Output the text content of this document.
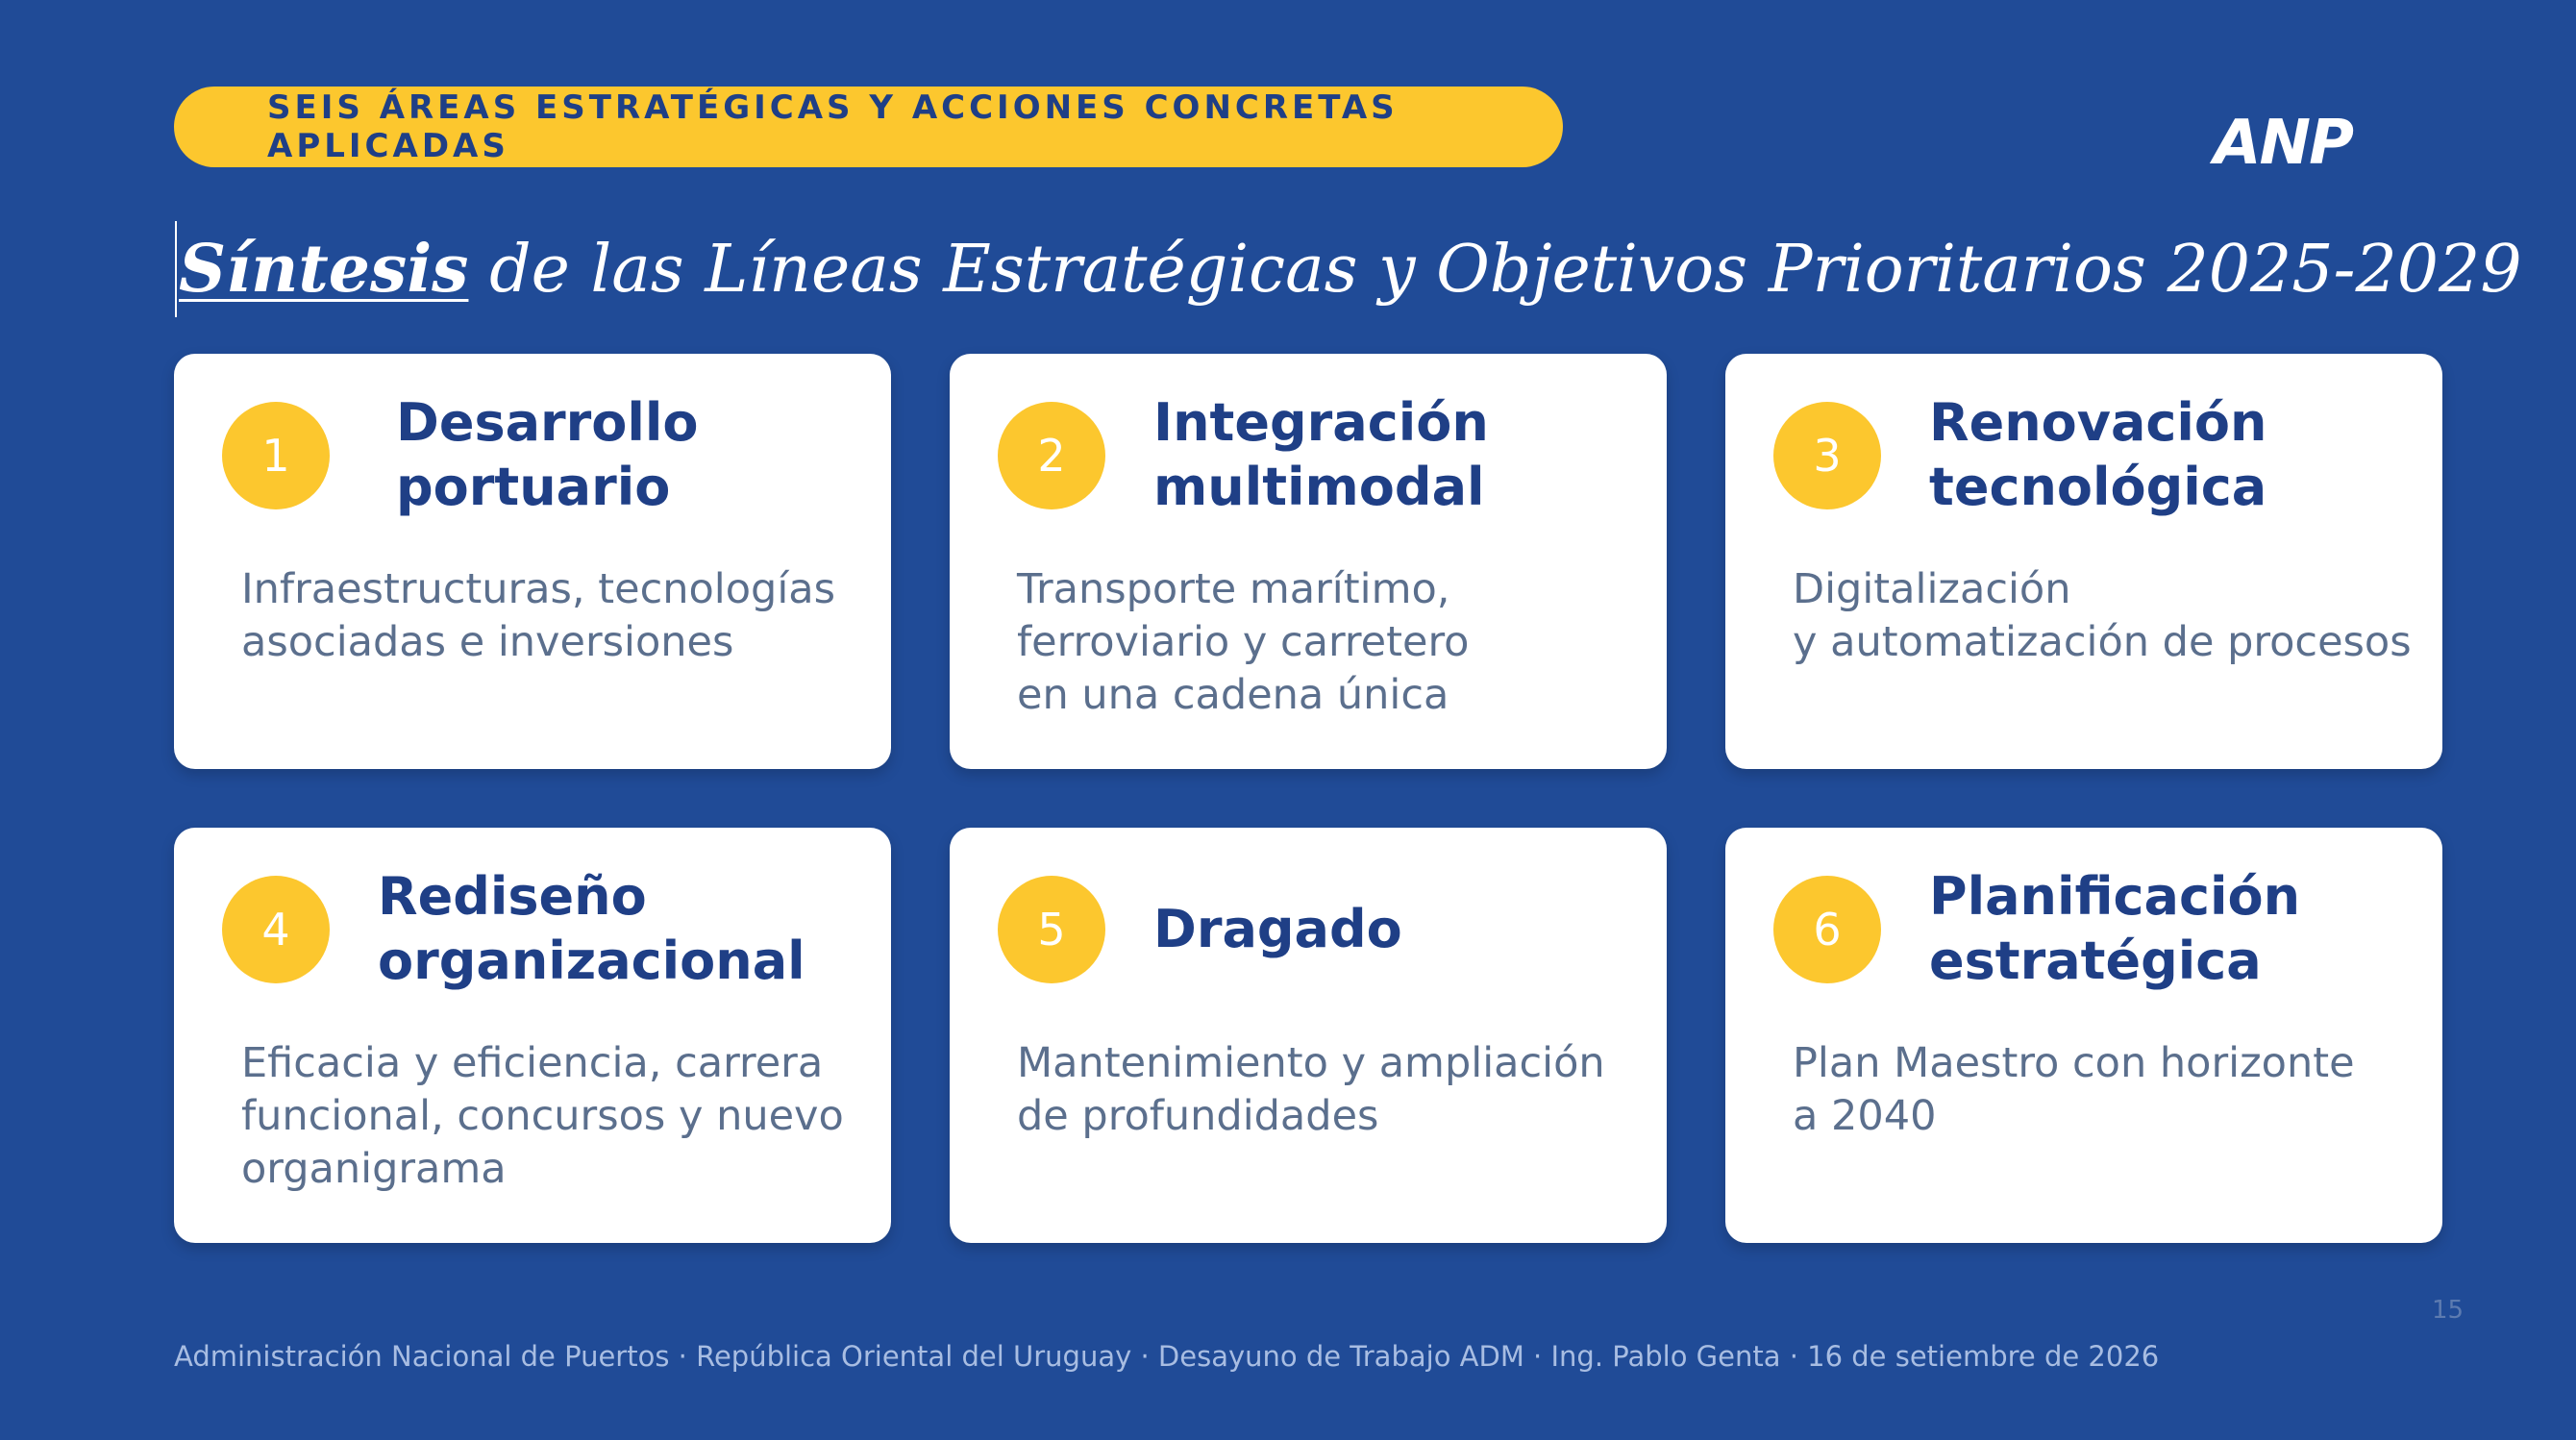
SEIS ÁREAS ESTRATÉGICAS Y ACCIONES CONCRETAS APLICADAS	ANP
Síntesis de las Líneas Estratégicas y Objetivos Prioritarios 2025-2029
1
Desarrollo
portuario
Infraestructuras, tecnologías
asociadas e inversiones
2
Integración
multimodal
Transporte marítimo,
ferroviario y carretero
en una cadena única
3
Renovación
tecnológica
Digitalización
y automatización de procesos
4
Rediseño
organizacional
Eficacia y eficiencia, carrera
funcional, concursos y nuevo
organigrama
5	Dragado
Mantenimiento y ampliación
de profundidades
6
Planificación
estratégica
Plan Maestro con horizonte
a 2040
15
Administración Nacional de Puertos · República Oriental del Uruguay · Desayuno de Trabajo ADM · Ing. Pablo Genta · 16 de setiembre de 2026
